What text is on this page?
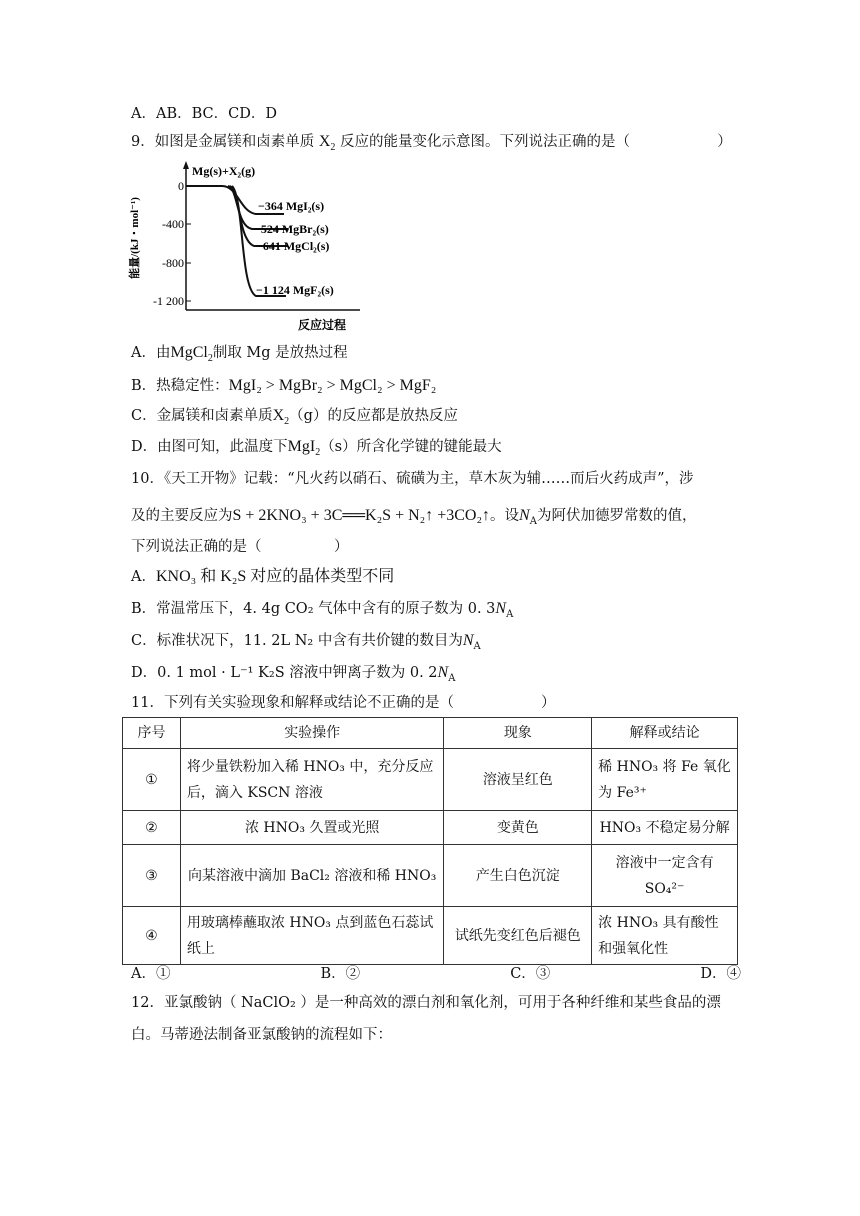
A．AB．BC．CD．D
9．如图是金属镁和卤素单质 $X_2$ 反应的能量变化示意图。下列说法正确的是（	）
0
-400
-800
-1 200
能量/(kJ・mol⁻¹)
Mg(s)+X₂(g)
−364 MgI₂(s)
−524 MgBr₂(s)
−641 MgCl₂(s)
−1 124 MgF₂(s)
反应过程
A．由MgCl$_2$制取 Mg 是放热过程
B．热稳定性：MgI₂ > MgBr₂ > MgCl₂ > MgF₂
C．金属镁和卤素单质$X_2(g)$的反应都是放热反应
D．由图可知，此温度下MgI$_2$（s）所含化学键的键能最大
10．《天工开物》记载：“凡火药以硝石、硫磺为主，草木灰为辅……而后火药成声”，涉
及的主要反应为S + 2KNO₃ + 3C══K₂S + N₂↑ +3CO₂↑。设$N_A$为阿伏加德罗常数的值，
下列说法正确的是（　　　　　）
A．KNO₃ 和 K₂S 对应的晶体类型不同
B．常温常压下，4. 4g CO₂ 气体中含有的原子数为 0. $3N_A$
C．标准状况下，11. 2L N₂ 中含有共价键的数目为$N_A$
D．0. 1 mol · L⁻¹ K₂S 溶液中钾离子数为 0. $2N_A$
11．下列有关实验现象和解释或结论不正确的是（　　　　　　）
序号	实验操作	现象	解释或结论
①	将少量铁粉加入稀 HNO₃ 中，充分反应后，滴入 KSCN 溶液	溶液呈红色	稀 HNO₃ 将 Fe 氧化为 Fe³⁺
②	浓 HNO₃ 久置或光照	变黄色	HNO₃ 不稳定易分解
③	向某溶液中滴加 BaCl₂ 溶液和稀 HNO₃	产生白色沉淀	溶液中一定含有 SO₄²⁻
④	用玻璃棒蘸取浓 HNO₃ 点到蓝色石蕊试纸上	试纸先变红色后褪色	浓 HNO₃ 具有酸性和强氧化性
A．①	B．②	C．③	D．④
12．亚氯酸钠（ NaClO₂ ）是一种高效的漂白剂和氧化剂，可用于各种纤维和某些食品的漂
白。马蒂逊法制备亚氯酸钠的流程如下：
